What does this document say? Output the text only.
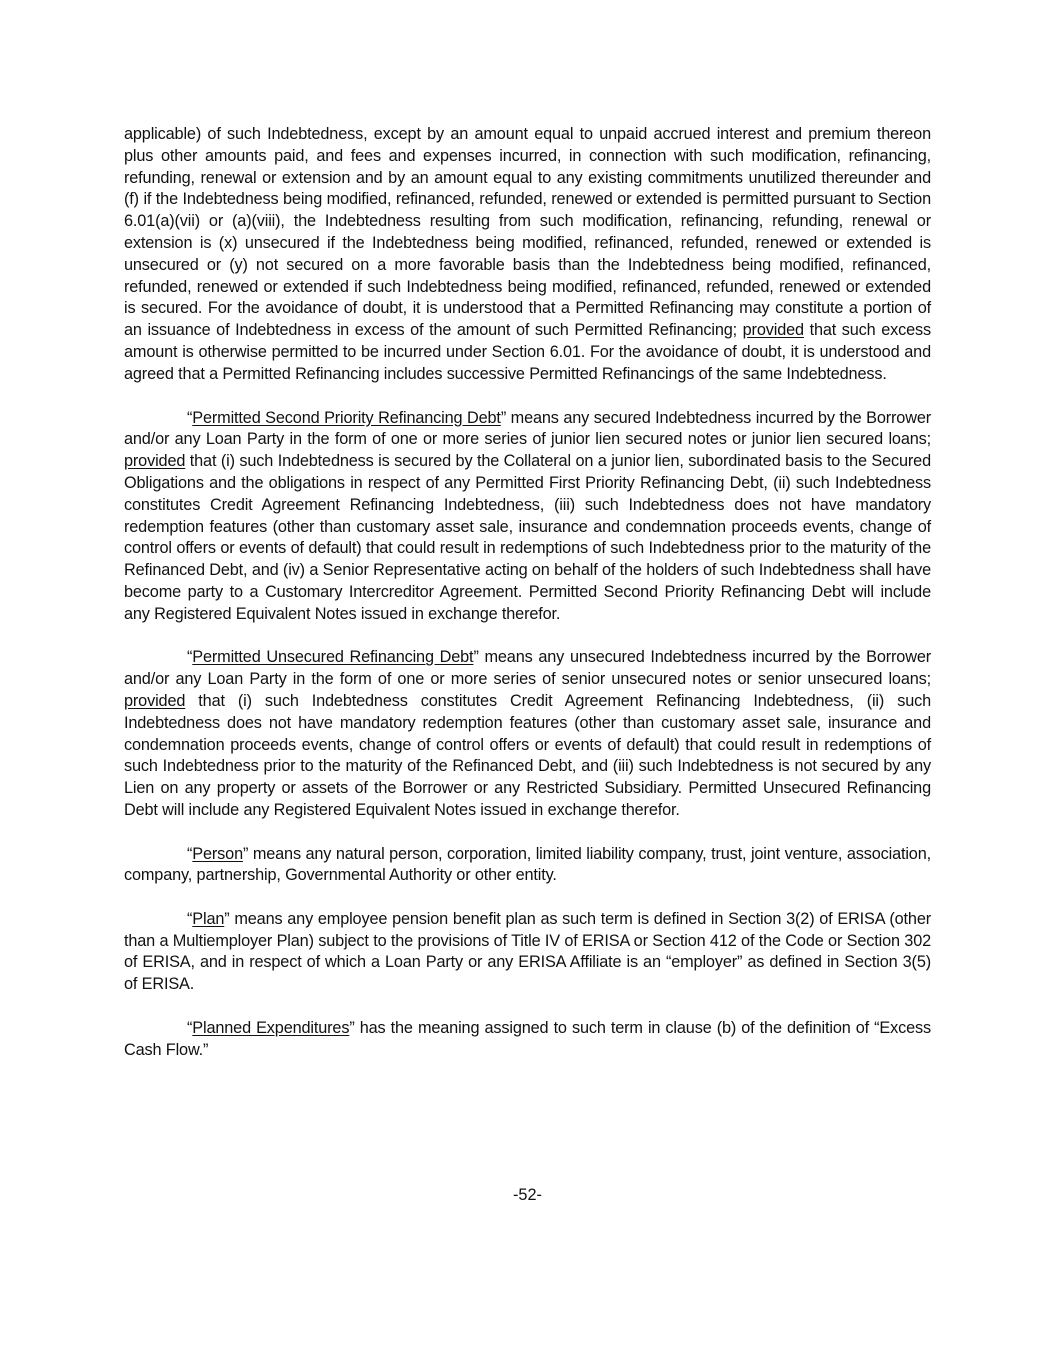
applicable) of such Indebtedness, except by an amount equal to unpaid accrued interest and premium thereon plus other amounts paid, and fees and expenses incurred, in connection with such modification, refinancing, refunding, renewal or extension and by an amount equal to any existing commitments unutilized thereunder and (f) if the Indebtedness being modified, refinanced, refunded, renewed or extended is permitted pursuant to Section 6.01(a)(vii) or (a)(viii), the Indebtedness resulting from such modification, refinancing, refunding, renewal or extension is (x) unsecured if the Indebtedness being modified, refinanced, refunded, renewed or extended is unsecured or (y) not secured on a more favorable basis than the Indebtedness being modified, refinanced, refunded, renewed or extended if such Indebtedness being modified, refinanced, refunded, renewed or extended is secured. For the avoidance of doubt, it is understood that a Permitted Refinancing may constitute a portion of an issuance of Indebtedness in excess of the amount of such Permitted Refinancing; provided that such excess amount is otherwise permitted to be incurred under Section 6.01. For the avoidance of doubt, it is understood and agreed that a Permitted Refinancing includes successive Permitted Refinancings of the same Indebtedness.

“Permitted Second Priority Refinancing Debt” means any secured Indebtedness incurred by the Borrower and/or any Loan Party in the form of one or more series of junior lien secured notes or junior lien secured loans; provided that (i) such Indebtedness is secured by the Collateral on a junior lien, subordinated basis to the Secured Obligations and the obligations in respect of any Permitted First Priority Refinancing Debt, (ii) such Indebtedness constitutes Credit Agreement Refinancing Indebtedness, (iii) such Indebtedness does not have mandatory redemption features (other than customary asset sale, insurance and condemnation proceeds events, change of control offers or events of default) that could result in redemptions of such Indebtedness prior to the maturity of the Refinanced Debt, and (iv) a Senior Representative acting on behalf of the holders of such Indebtedness shall have become party to a Customary Intercreditor Agreement. Permitted Second Priority Refinancing Debt will include any Registered Equivalent Notes issued in exchange therefor.

“Permitted Unsecured Refinancing Debt” means any unsecured Indebtedness incurred by the Borrower and/or any Loan Party in the form of one or more series of senior unsecured notes or senior unsecured loans; provided that (i) such Indebtedness constitutes Credit Agreement Refinancing Indebtedness, (ii) such Indebtedness does not have mandatory redemption features (other than customary asset sale, insurance and condemnation proceeds events, change of control offers or events of default) that could result in redemptions of such Indebtedness prior to the maturity of the Refinanced Debt, and (iii) such Indebtedness is not secured by any Lien on any property or assets of the Borrower or any Restricted Subsidiary. Permitted Unsecured Refinancing Debt will include any Registered Equivalent Notes issued in exchange therefor.

“Person” means any natural person, corporation, limited liability company, trust, joint venture, association, company, partnership, Governmental Authority or other entity.

“Plan” means any employee pension benefit plan as such term is defined in Section 3(2) of ERISA (other than a Multiemployer Plan) subject to the provisions of Title IV of ERISA or Section 412 of the Code or Section 302 of ERISA, and in respect of which a Loan Party or any ERISA Affiliate is an “employer” as defined in Section 3(5) of ERISA.

“Planned Expenditures” has the meaning assigned to such term in clause (b) of the definition of “Excess Cash Flow.”

-52-
